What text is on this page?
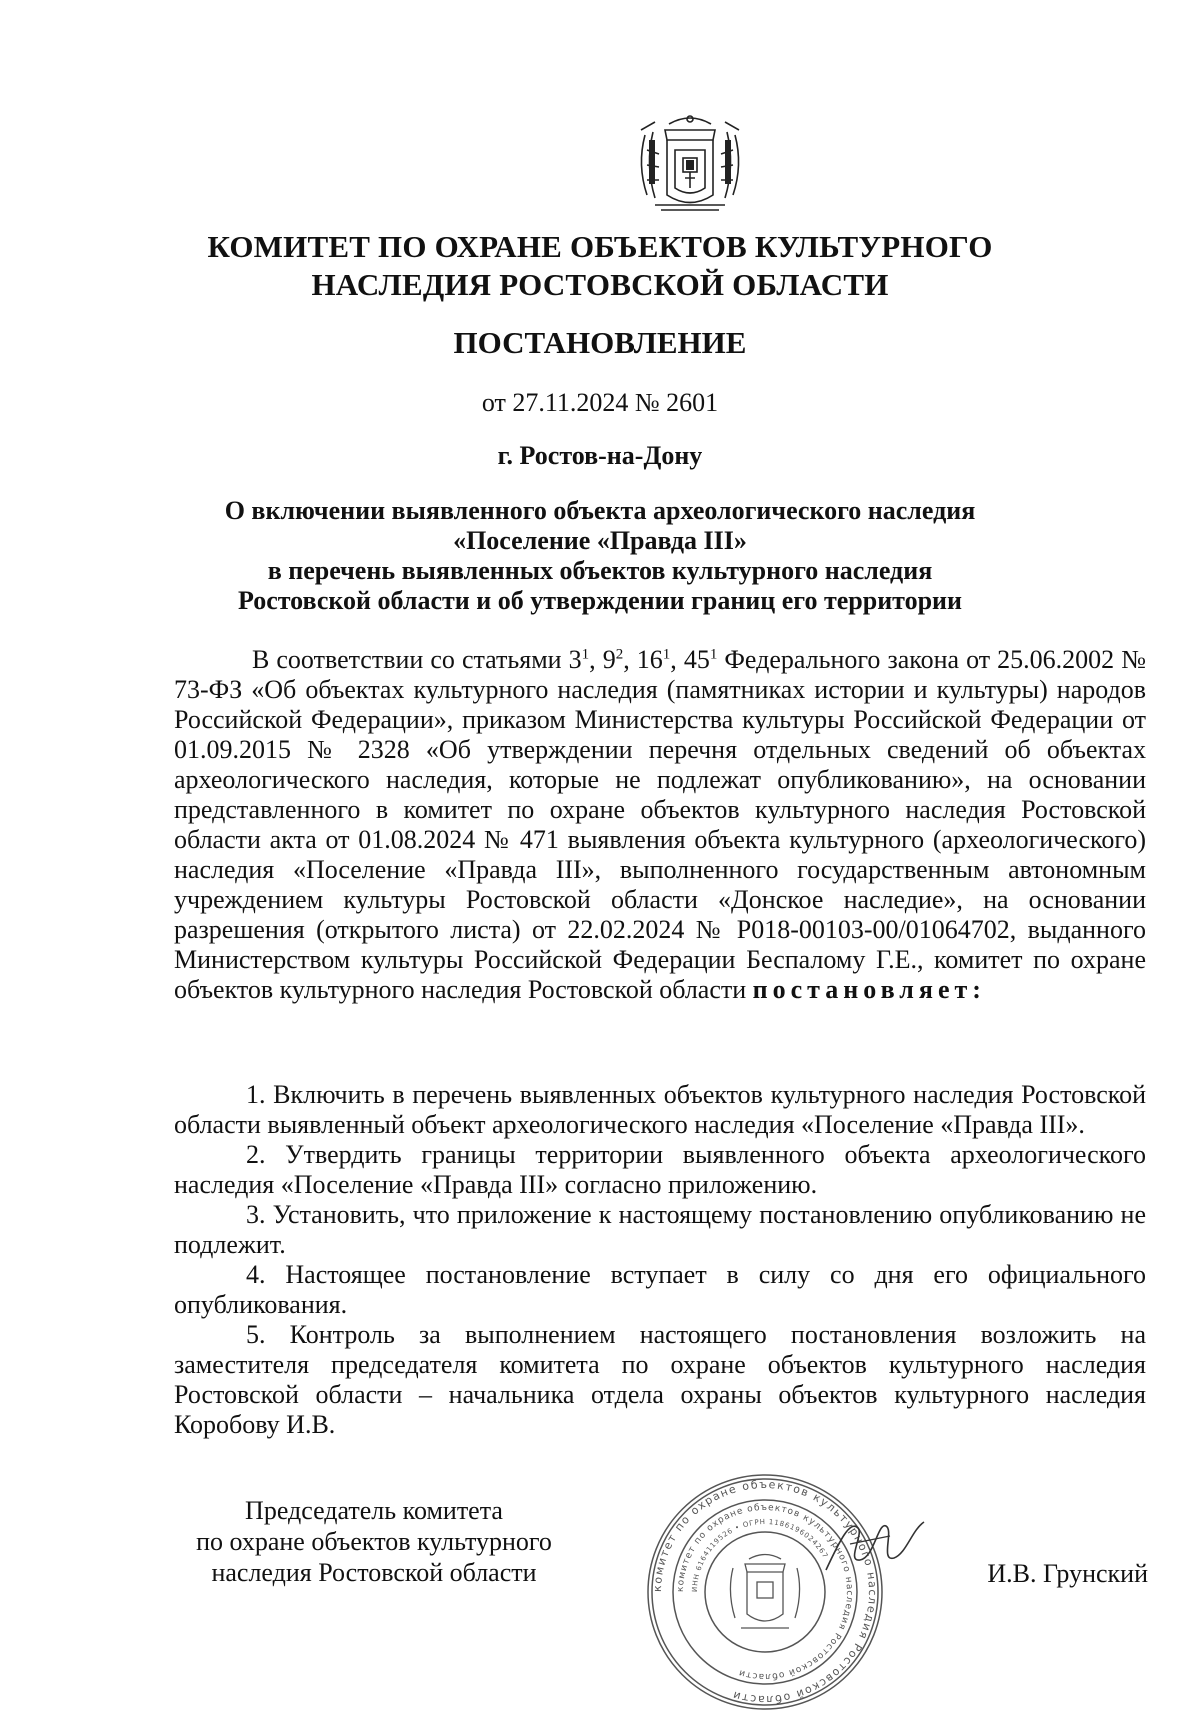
КОМИТЕТ ПО ОХРАНЕ ОБЪЕКТОВ КУЛЬТУРНОГО
НАСЛЕДИЯ РОСТОВСКОЙ ОБЛАСТИ
ПОСТАНОВЛЕНИЕ
от 27.11.2024 № 2601
г. Ростов-на-Дону
О включении выявленного объекта археологического наследия
«Поселение «Правда III»
в перечень выявленных объектов культурного наследия
Ростовской области и об утверждении границ его территории

В соответствии со статьями $3^1$, $9^2$, $16^1$, $45^1$ Федерального закона от 25.06.2002 № 73-ФЗ «Об объектах культурного наследия (памятниках истории и культуры) народов Российской Федерации», приказом Министерства культуры Российской Федерации от 01.09.2015 № 2328 «Об утверждении перечня отдельных сведений об объектах археологического наследия, которые не подлежат опубликованию», на основании представленного в комитет по охране объектов культурного наследия Ростовской области акта от 01.08.2024 № 471 выявления объекта культурного (археологического) наследия «Поселение «Правда III», выполненного государственным автономным учреждением культуры Ростовской области «Донское наследие», на основании разрешения (открытого листа) от 22.02.2024 № Р018-00103-00/01064702, выданного Министерством культуры Российской Федерации Беспалому Г.Е., комитет по охране объектов культурного наследия Ростовской области постановляет:

1. Включить в перечень выявленных объектов культурного наследия Ростовской области выявленный объект археологического наследия «Поселение «Правда III».

2. Утвердить границы территории выявленного объекта археологического наследия «Поселение «Правда III» согласно приложению.

3. Установить, что приложение к настоящему постановлению опубликованию не подлежит.

4. Настоящее постановление вступает в силу со дня его официального опубликования.

5. Контроль за выполнением настоящего постановления возложить на заместителя председателя комитета по охране объектов культурного наследия Ростовской области – начальника отдела охраны объектов культурного наследия Коробову И.В.

Председатель комитета
по охране объектов культурного
наследия Ростовской области
комитет по охране объектов культурного наследия Ростовской области
комитет по охране объектов культурного наследия Ростовской области
ИНН 6164119526 • ОГРН 1186196024267
И.В. Грунский
